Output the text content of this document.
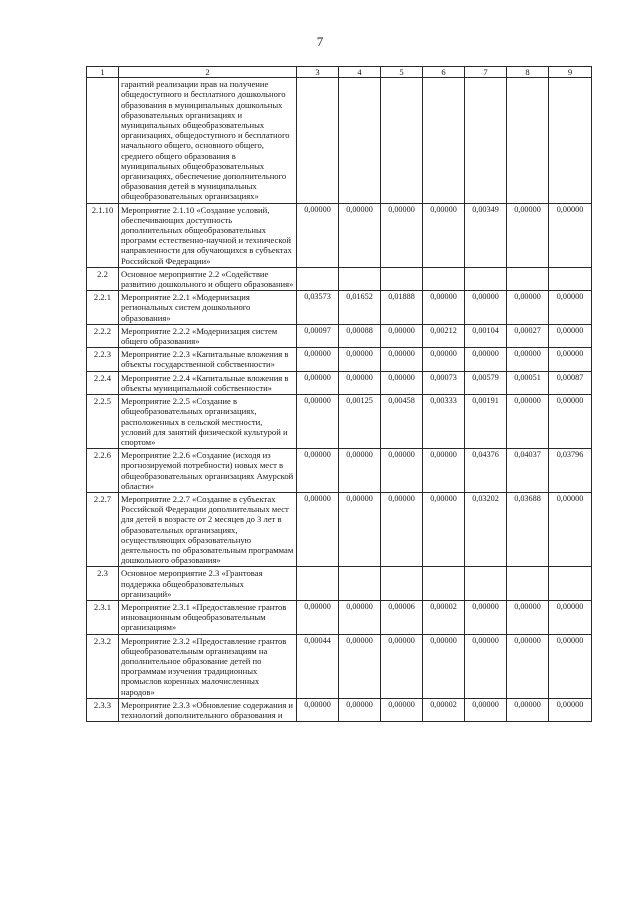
7
1	2	3	4	5	6	7	8	9
	гарантий реализации прав на получение общедоступного и бесплатного дошкольного образования в муниципальных дошкольных образовательных организациях и муниципальных общеобразовательных организациях, общедоступного и бесплатного начального общего, основного общего, среднего общего образования в муниципальных общеобразовательных организациях, обеспечение дополнительного образования детей в муниципальных общеобразовательных организациях»							
2.1.10	Мероприятие 2.1.10 «Создание условий, обеспечивающих доступность дополнительных общеобразовательных программ естественно-научной и технической направленности для обучающихся в субъектах Российской Федерации»	0,00000	0,00000	0,00000	0,00000	0,00349	0,00000	0,00000
2.2	Основное мероприятие 2.2 «Содействие развитию дошкольного и общего образования»							
2.2.1	Мероприятие 2.2.1 «Модернизация региональных систем дошкольного образования»	0,03573	0,01652	0,01888	0,00000	0,00000	0,00000	0,00000
2.2.2	Мероприятие 2.2.2 «Модернизация систем общего образования»	0,00097	0,00088	0,00000	0,00212	0,00104	0,00027	0,00000
2.2.3	Мероприятие 2.2.3 «Капитальные вложения в объекты государственной собственности»	0,00000	0,00000	0,00000	0,00000	0,00000	0,00000	0,00000
2.2.4	Мероприятие 2.2.4 «Капитальные вложения в объекты муниципальной собственности»	0,00000	0,00000	0,00000	0,00073	0,00579	0,00051	0,00087
2.2.5	Мероприятие 2.2.5 «Создание в общеобразовательных организациях, расположенных в сельской местности, условий для занятий физической культурой и спортом»	0,00000	0,00125	0,00458	0,00333	0,00191	0,00000	0,00000
2.2.6	Мероприятие 2.2.6 «Создание (исходя из прогнозируемой потребности) новых мест в общеобразовательных организациях Амурской области»	0,00000	0,00000	0,00000	0,00000	0,04376	0,04037	0,03796
2.2.7	Мероприятие 2.2.7 «Создание в субъектах Российской Федерации дополнительных мест для детей в возрасте от 2 месяцев до 3 лет в образовательных организациях, осуществляющих образовательную деятельность по образовательным программам дошкольного образования»	0,00000	0,00000	0,00000	0,00000	0,03202	0,03688	0,00000
2.3	Основное мероприятие 2.3 «Грантовая поддержка общеобразовательных организаций»							
2.3.1	Мероприятие 2.3.1 «Предоставление грантов инновационным общеобразовательным организациям»	0,00000	0,00000	0,00006	0,00002	0,00000	0,00000	0,00000
2.3.2	Мероприятие 2.3.2 «Предоставление грантов общеобразовательным организациям на дополнительное образование детей по программам изучения традиционных промыслов коренных малочисленных народов»	0,00044	0,00000	0,00000	0,00000	0,00000	0,00000	0,00000
2.3.3	Мероприятие 2.3.3 «Обновление содержания и технологий дополнительного образования и	0,00000	0,00000	0,00000	0,00002	0,00000	0,00000	0,00000
